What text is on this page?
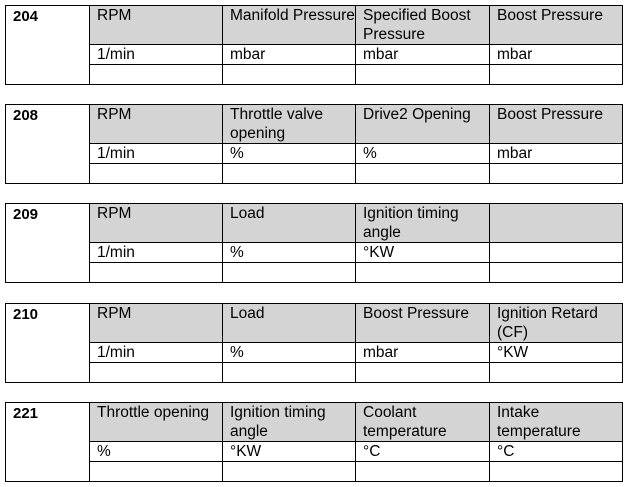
204	RPM	Manifold Pressure	Specified Boost Pressure	Boost Pressure
	1/min	mbar	mbar	mbar

208	RPM	Throttle valve opening	Drive2 Opening	Boost Pressure
	1/min	%	%	mbar

209	RPM	Load	Ignition timing angle	
	1/min	%	°KW	

210	RPM	Load	Boost Pressure	Ignition Retard (CF)
	1/min	%	mbar	°KW

221	Throttle opening	Ignition timing angle	Coolant temperature	Intake temperature
	%	°KW	°C	°C
